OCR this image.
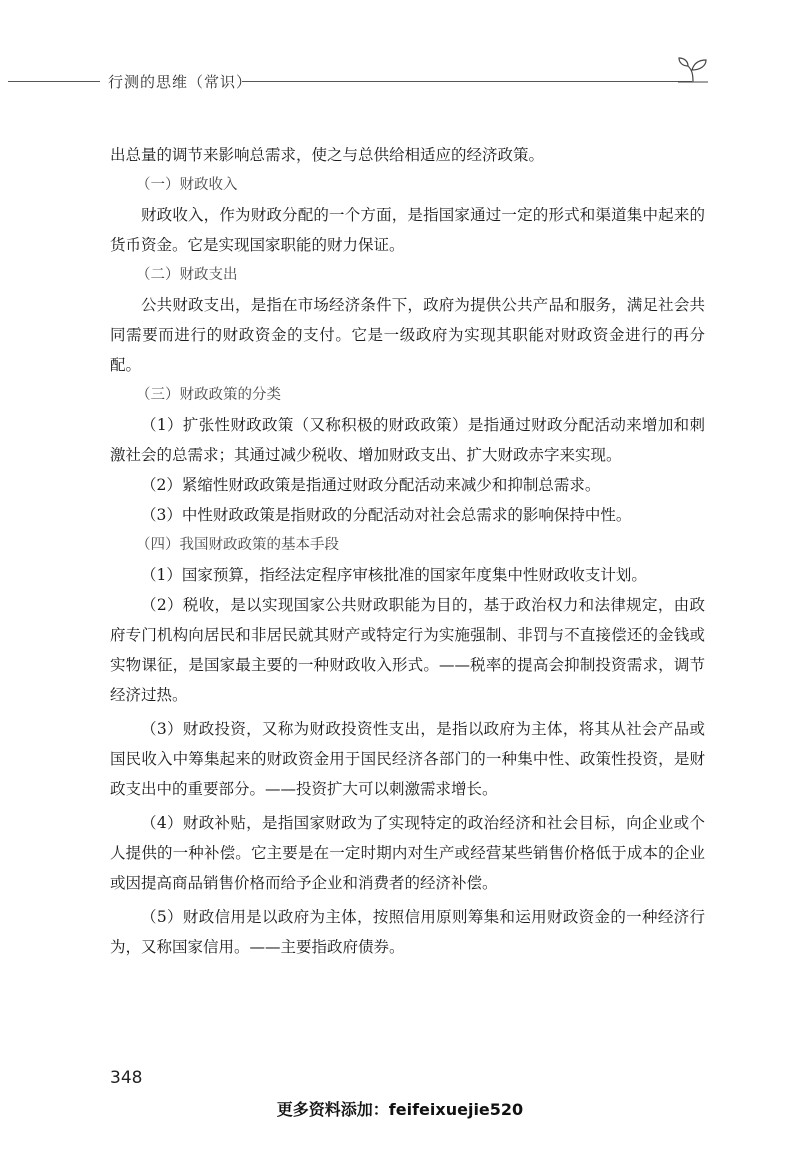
行测的思维（常识）

出总量的调节来影响总需求，使之与总供给相适应的经济政策。

（一）财政收入

财政收入，作为财政分配的一个方面，是指国家通过一定的形式和渠道集中起来的货币资金。它是实现国家职能的财力保证。

（二）财政支出

公共财政支出，是指在市场经济条件下，政府为提供公共产品和服务，满足社会共同需要而进行的财政资金的支付。它是一级政府为实现其职能对财政资金进行的再分配。

（三）财政政策的分类

（1）扩张性财政政策（又称积极的财政政策）是指通过财政分配活动来增加和刺激社会的总需求；其通过减少税收、增加财政支出、扩大财政赤字来实现。

（2）紧缩性财政政策是指通过财政分配活动来减少和抑制总需求。

（3）中性财政政策是指财政的分配活动对社会总需求的影响保持中性。

（四）我国财政政策的基本手段

（1）国家预算，指经法定程序审核批准的国家年度集中性财政收支计划。

（2）税收，是以实现国家公共财政职能为目的，基于政治权力和法律规定，由政府专门机构向居民和非居民就其财产或特定行为实施强制、非罚与不直接偿还的金钱或实物课征，是国家最主要的一种财政收入形式。——税率的提高会抑制投资需求，调节经济过热。

（3）财政投资，又称为财政投资性支出，是指以政府为主体，将其从社会产品或国民收入中筹集起来的财政资金用于国民经济各部门的一种集中性、政策性投资，是财政支出中的重要部分。——投资扩大可以刺激需求增长。

（4）财政补贴，是指国家财政为了实现特定的政治经济和社会目标，向企业或个人提供的一种补偿。它主要是在一定时期内对生产或经营某些销售价格低于成本的企业或因提高商品销售价格而给予企业和消费者的经济补偿。

（5）财政信用是以政府为主体，按照信用原则筹集和运用财政资金的一种经济行为，又称国家信用。——主要指政府债券。

348
更多资料添加：feifeixuejie520
